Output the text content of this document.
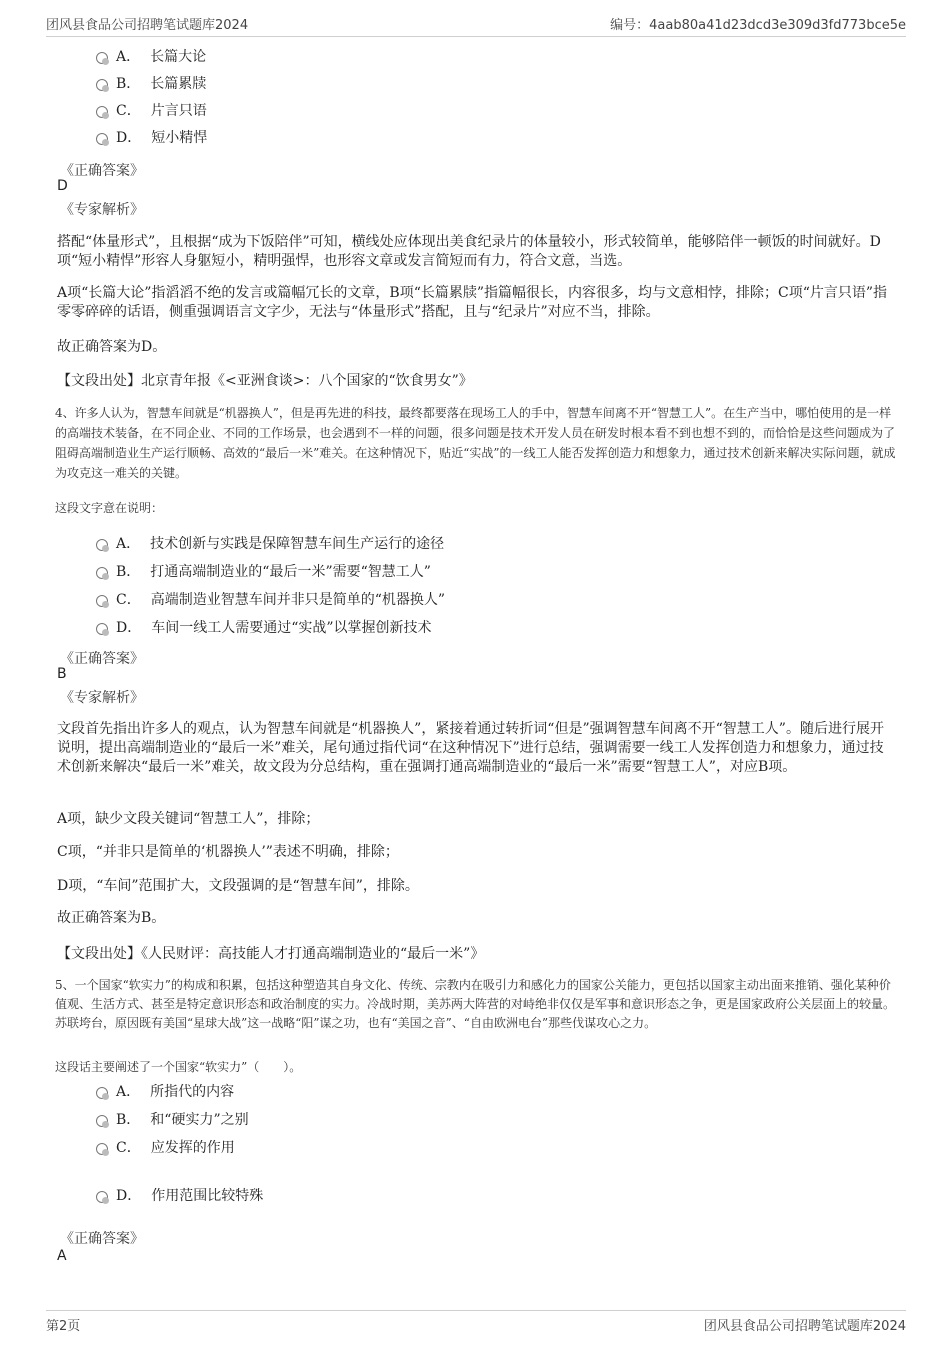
团风县食品公司招聘笔试题库2024	编号：4aab80a41d23dcd3e309d3fd773bce5e
A． 长篇大论
B． 长篇累牍
C． 片言只语
D． 短小精悍
《正确答案》
D
《专家解析》
搭配“体量形式”，且根据“成为下饭陪伴”可知，横线处应体现出美食纪录片的体量较小，形式较简单，能够陪伴一顿饭的时间就好。D项“短小精悍”形容人身躯短小，精明强悍，也形容文章或发言简短而有力，符合文意，当选。
A项“长篇大论”指滔滔不绝的发言或篇幅冗长的文章，B项“长篇累牍”指篇幅很长，内容很多，均与文意相悖，排除；C项“片言只语”指零零碎碎的话语，侧重强调语言文字少，无法与“体量形式”搭配，且与“纪录片”对应不当，排除。
故正确答案为D。
【文段出处】北京青年报《<亚洲食谈>：八个国家的“饮食男女”》
4、许多人认为，智慧车间就是“机器换人”，但是再先进的科技，最终都要落在现场工人的手中，智慧车间离不开“智慧工人”。在生产当中，哪怕使用的是一样的高端技术装备，在不同企业、不同的工作场景，也会遇到不一样的问题，很多问题是技术开发人员在研发时根本看不到也想不到的，而恰恰是这些问题成为了阻碍高端制造业生产运行顺畅、高效的“最后一米”难关。在这种情况下，贴近“实战”的一线工人能否发挥创造力和想象力，通过技术创新来解决实际问题，就成为攻克这一难关的关键。
这段文字意在说明：
A． 技术创新与实践是保障智慧车间生产运行的途径
B． 打通高端制造业的“最后一米”需要“智慧工人”
C． 高端制造业智慧车间并非只是简单的“机器换人”
D． 车间一线工人需要通过“实战”以掌握创新技术
《正确答案》
B
《专家解析》
文段首先指出许多人的观点，认为智慧车间就是“机器换人”，紧接着通过转折词“但是”强调智慧车间离不开“智慧工人”。随后进行展开说明，提出高端制造业的“最后一米”难关，尾句通过指代词“在这种情况下”进行总结，强调需要一线工人发挥创造力和想象力，通过技术创新来解决“最后一米”难关，故文段为分总结构，重在强调打通高端制造业的“最后一米”需要“智慧工人”，对应B项。
A项，缺少文段关键词“智慧工人”，排除；
C项，“并非只是简单的‘机器换人’”表述不明确，排除；
D项，“车间”范围扩大，文段强调的是“智慧车间”，排除。
故正确答案为B。
【文段出处】《人民财评：高技能人才打通高端制造业的“最后一米”》
5、一个国家“软实力”的构成和积累，包括这种塑造其自身文化、传统、宗教内在吸引力和感化力的国家公关能力，更包括以国家主动出面来推销、强化某种价值观、生活方式、甚至是特定意识形态和政治制度的实力。冷战时期，美苏两大阵营的对峙绝非仅仅是军事和意识形态之争，更是国家政府公关层面上的较量。苏联垮台，原因既有美国“星球大战”这一战略“阳”谋之功，也有“美国之音”、“自由欧洲电台”那些伐谋攻心之力。
这段话主要阐述了一个国家“软实力”（　　）。
A． 所指代的内容
B． 和“硬实力”之别
C． 应发挥的作用
D． 作用范围比较特殊
《正确答案》
A
第2页	团风县食品公司招聘笔试题库2024
